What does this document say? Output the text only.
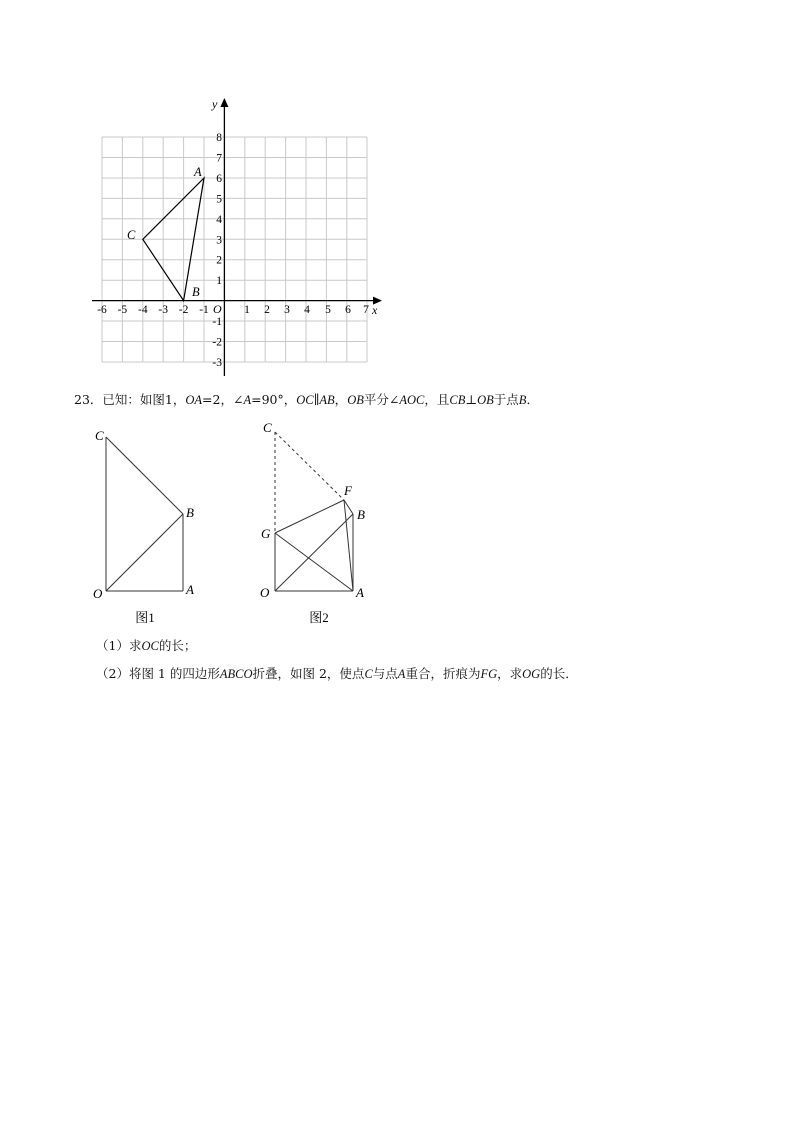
x
y
O
-6 -5 -4 -3 -2 -1	1 2 3 4 5 6 7
8
7
6
5
4
3
2
1
-1
-2
-3
A
B
C
23．已知：如图1，OA=2，∠A=90°，OC∥AB，OB平分∠AOC，且CB⊥OB于点B．
C
B
O	A
图1
C
F
B
G
O	A
图2
（1）求OC的长；
（2）将图 1 的四边形ABCO折叠，如图 2，使点C与点A重合，折痕为FG，求OG的长．
